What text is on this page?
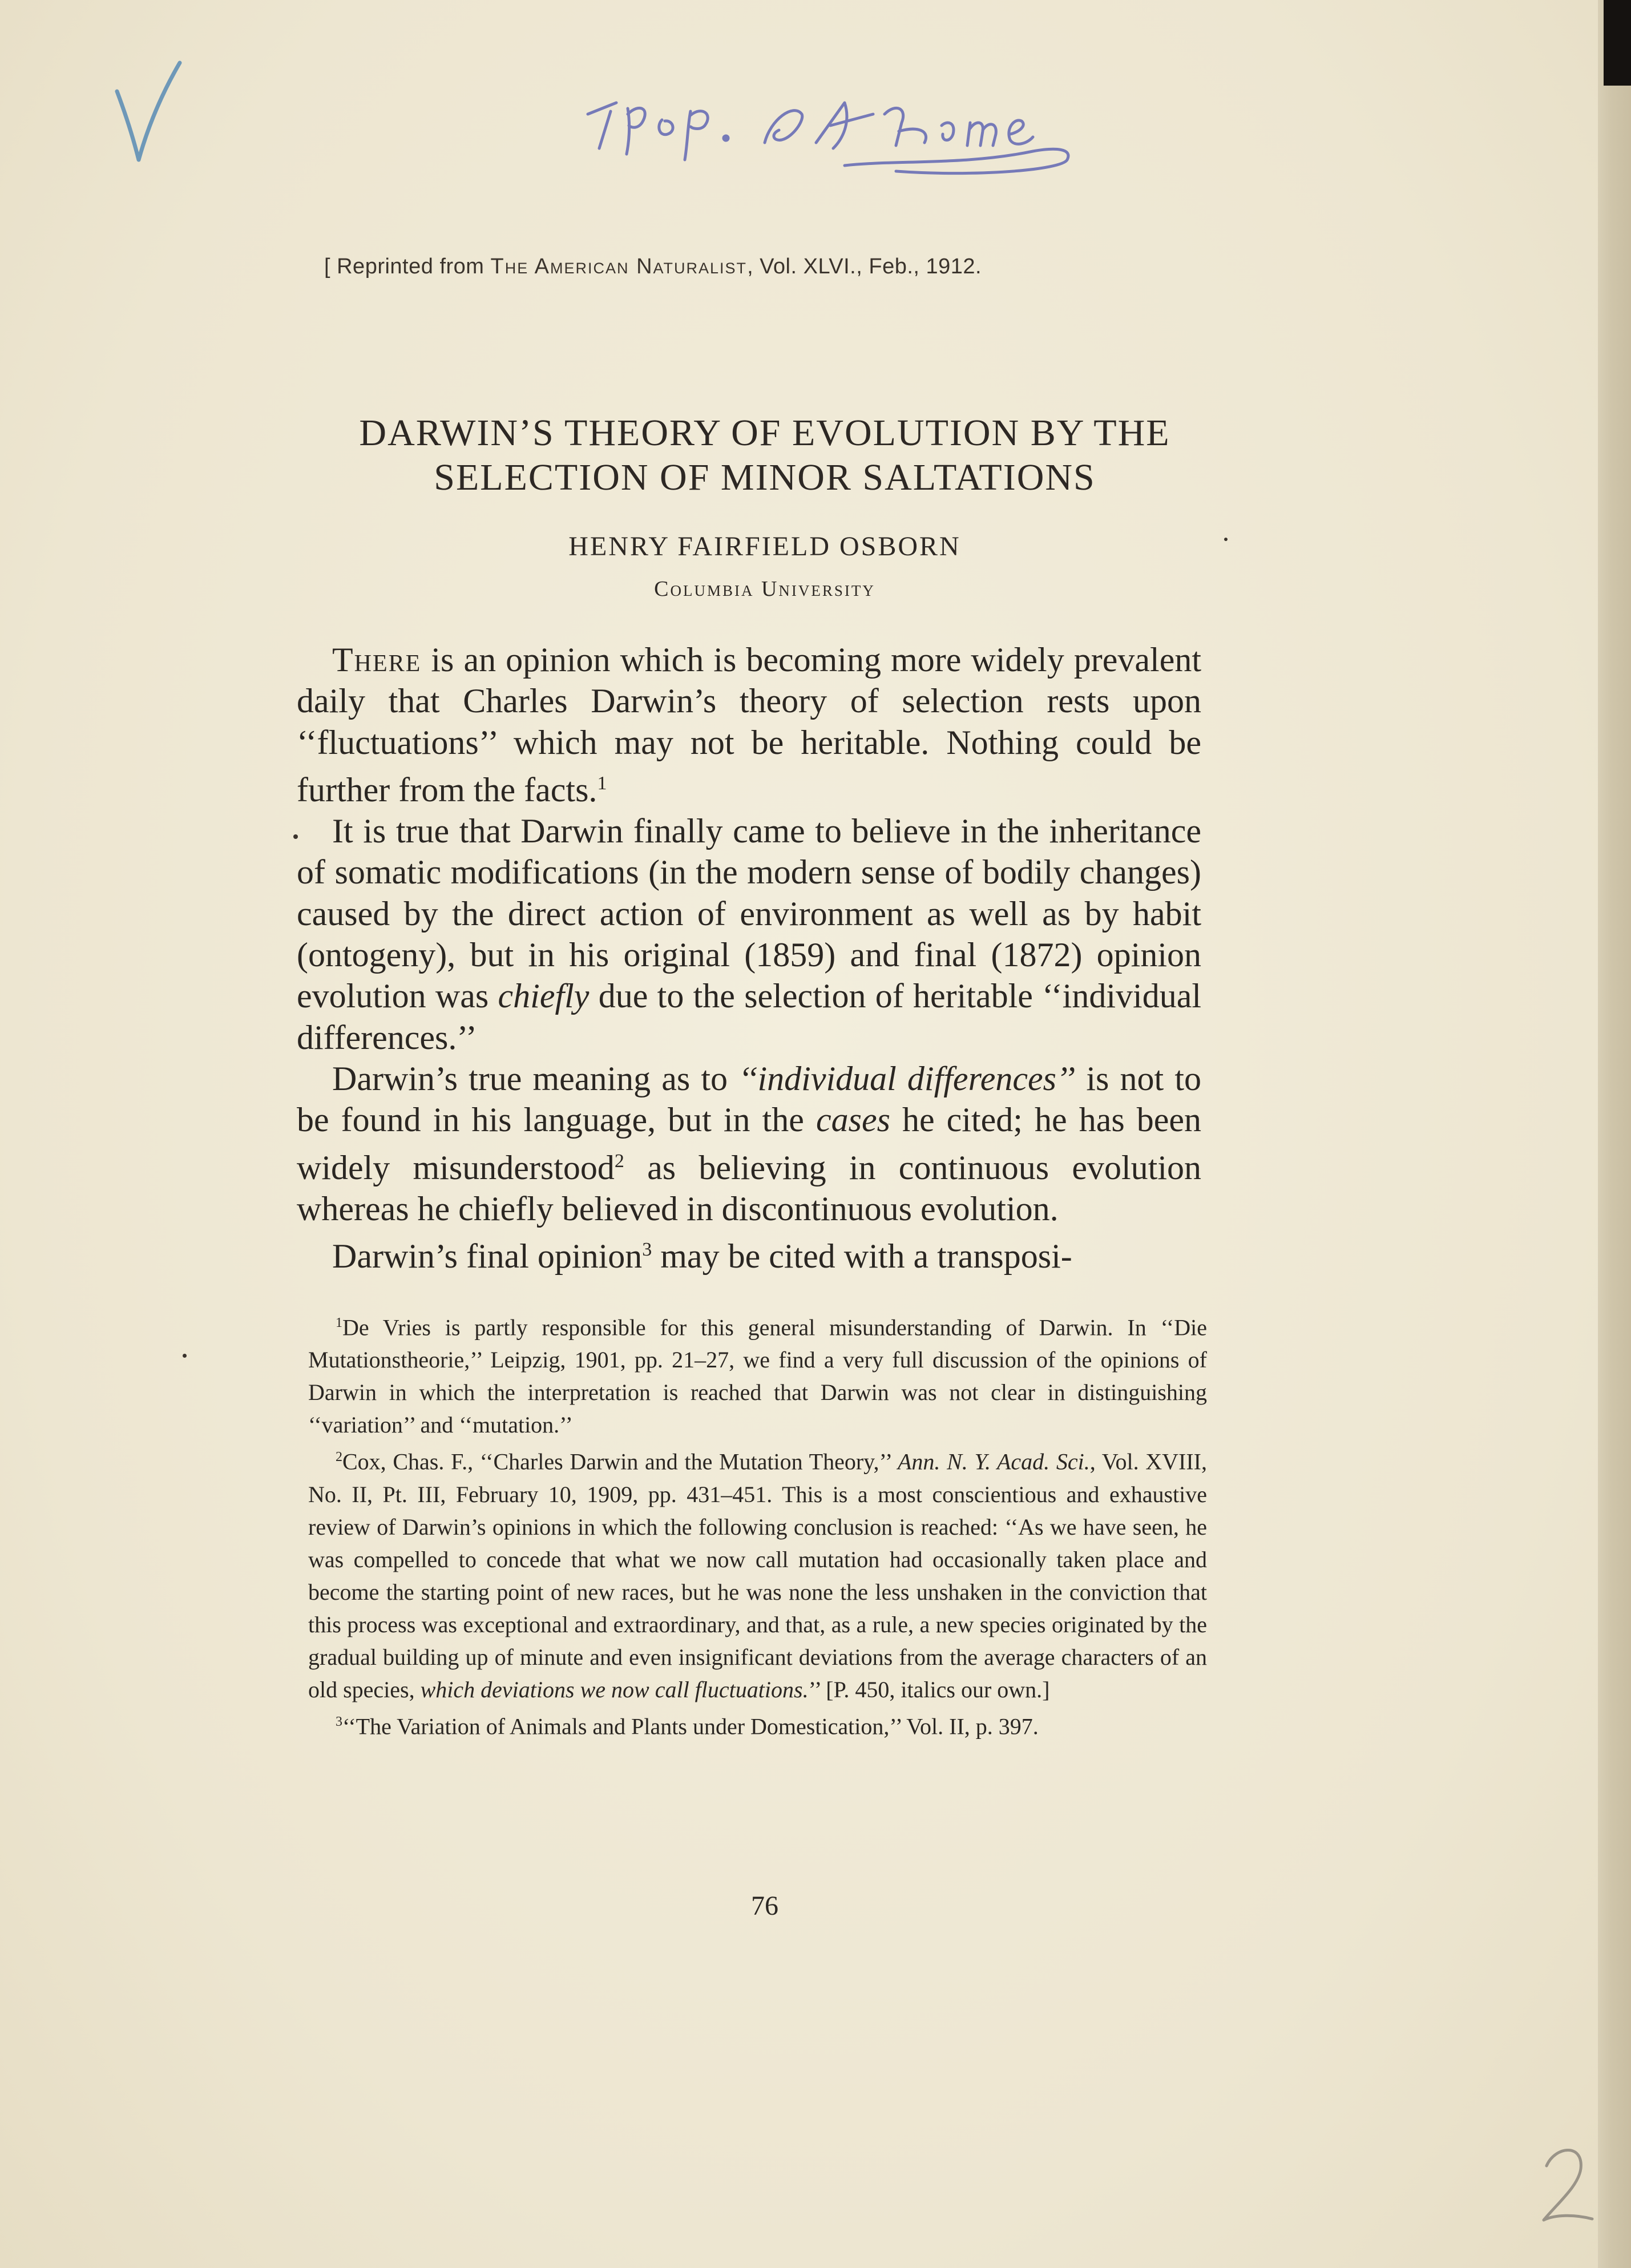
[ Reprinted from The American Naturalist, Vol. XLVI., Feb., 1912.
DARWIN’S THEORY OF EVOLUTION BY THE
SELECTION OF MINOR SALTATIONS
HENRY FAIRFIELD OSBORN
Columbia University

There is an opinion which is becoming more widely prevalent daily that Charles Darwin’s theory of selection rests upon ‘‘fluctuations’’ which may not be heritable. Nothing could be further from the facts.$^1$

It is true that Darwin finally came to believe in the inheritance of somatic modifications (in the modern sense of bodily changes) caused by the direct action of environment as well as by habit (ontogeny), but in his original (1859) and final (1872) opinion evolution was chiefly due to the selection of heritable ‘‘individual differences.’’

Darwin’s true meaning as to ‘‘individual differences’’ is not to be found in his language, but in the cases he cited; he has been widely misunderstood$^2$ as believing in continuous evolution whereas he chiefly believed in discontinuous evolution.

Darwin’s final opinion$^3$ may be cited with a transposi-

$^1$De Vries is partly responsible for this general misunderstanding of Darwin. In ‘‘Die Mutationstheorie,’’ Leipzig, 1901, pp. 21–27, we find a very full discussion of the opinions of Darwin in which the interpretation is reached that Darwin was not clear in distinguishing ‘‘variation’’ and ‘‘mutation.’’

$^2$Cox, Chas. F., ‘‘Charles Darwin and the Mutation Theory,’’ Ann. N. Y. Acad. Sci., Vol. XVIII, No. II, Pt. III, February 10, 1909, pp. 431–451. This is a most conscientious and exhaustive review of Darwin’s opinions in which the following conclusion is reached: ‘‘As we have seen, he was compelled to concede that what we now call mutation had occasionally taken place and become the starting point of new races, but he was none the less unshaken in the conviction that this process was exceptional and extraordinary, and that, as a rule, a new species originated by the gradual building up of minute and even insignificant deviations from the average characters of an old species, which deviations we now call fluctuations.’’ [P. 450, italics our own.]

$^3$‘‘The Variation of Animals and Plants under Domestication,’’ Vol. II, p. 397.

76
